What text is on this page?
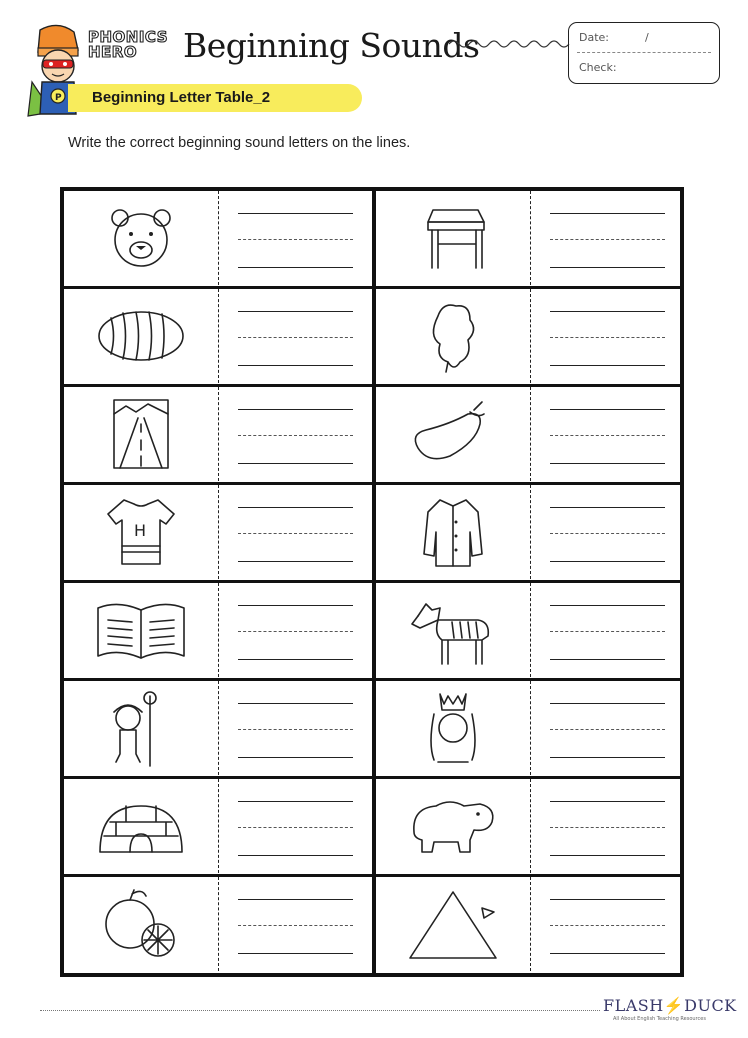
P
PHONICS
HERO Beginning Sounds	Date:	/
Check:
Beginning Letter Table_2
Write the correct beginning sound letters on the lines.
H
FLASH⚡DUCK
All About English Teaching Resources
